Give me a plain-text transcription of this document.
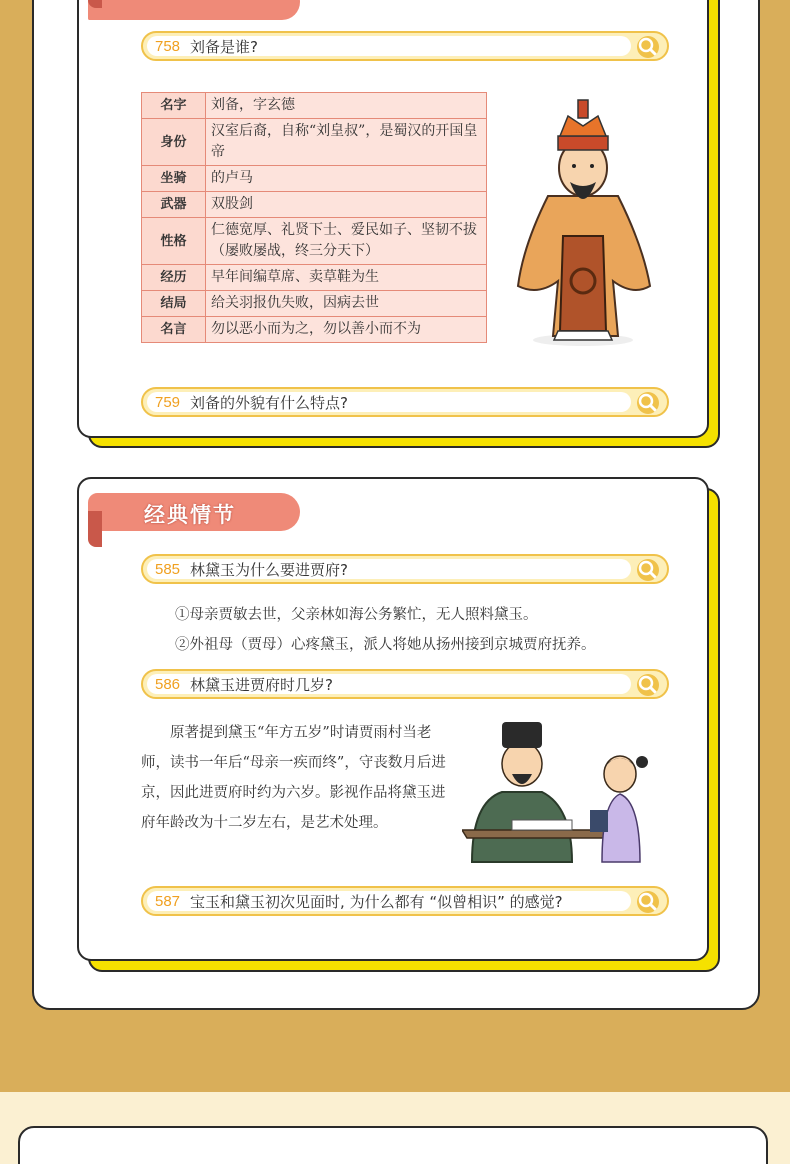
758 刘备是谁?
名字	刘备，字玄德
身份	汉室后裔，自称“刘皇叔”，是蜀汉的开国皇帝
坐骑	的卢马
武器	双股剑
性格	仁德宽厚、礼贤下士、爱民如子、坚韧不拔（屡败屡战，终三分天下）
经历	早年间编草席、卖草鞋为生
结局	给关羽报仇失败，因病去世
名言	勿以恶小而为之，勿以善小而不为
759 刘备的外貌有什么特点?
经典情节
585 林黛玉为什么要进贾府?
①母亲贾敏去世，父亲林如海公务繁忙，无人照料黛玉。
②外祖母（贾母）心疼黛玉，派人将她从扬州接到京城贾府抚养。
586 林黛玉进贾府时几岁?
原著提到黛玉“年方五岁”时请贾雨村当老师，读书一年后“母亲一疾而终”，守丧数月后进京，因此进贾府时约为六岁。影视作品将黛玉进府年龄改为十二岁左右，是艺术处理。
587 宝玉和黛玉初次见面时, 为什么都有 “似曾相识” 的感觉?
